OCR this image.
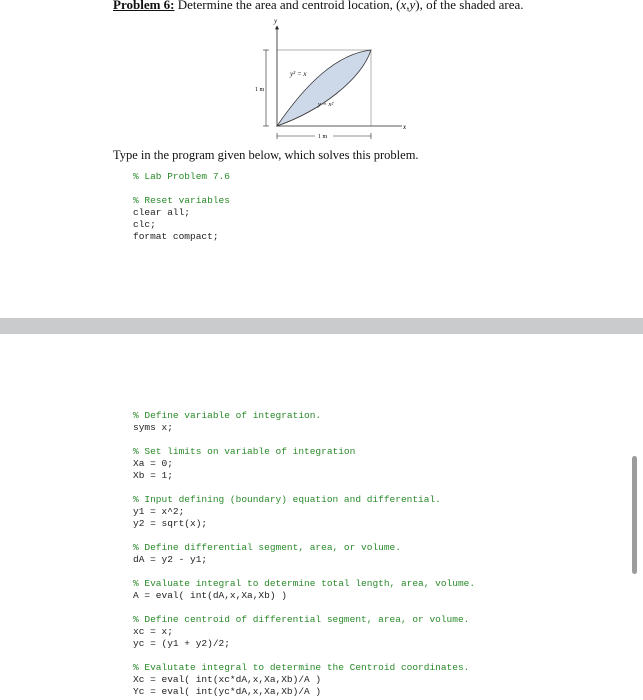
Problem 6: Determine the area and centroid location, $(\overline{x},\overline{y})$, of the shaded area.
y
x
y² = x
y = x²
1 m
1 m
Type in the program given below, which solves this problem.
% Lab Problem 7.6
% Reset variables
clear all;
clc;
format compact;
% Define variable of integration.
syms x;
% Set limits on variable of integration
Xa = 0;
Xb = 1;
% Input defining (boundary) equation and differential.
y1 = x^2;
y2 = sqrt(x);
% Define differential segment, area, or volume.
dA = y2 - y1;
% Evaluate integral to determine total length, area, volume.
A = eval( int(dA,x,Xa,Xb) )
% Define centroid of differential segment, area, or volume.
xc = x;
yc = (y1 + y2)/2;
% Evalutate integral to determine the Centroid coordinates.
Xc = eval( int(xc*dA,x,Xa,Xb)/A )
Yc = eval( int(yc*dA,x,Xa,Xb)/A )
